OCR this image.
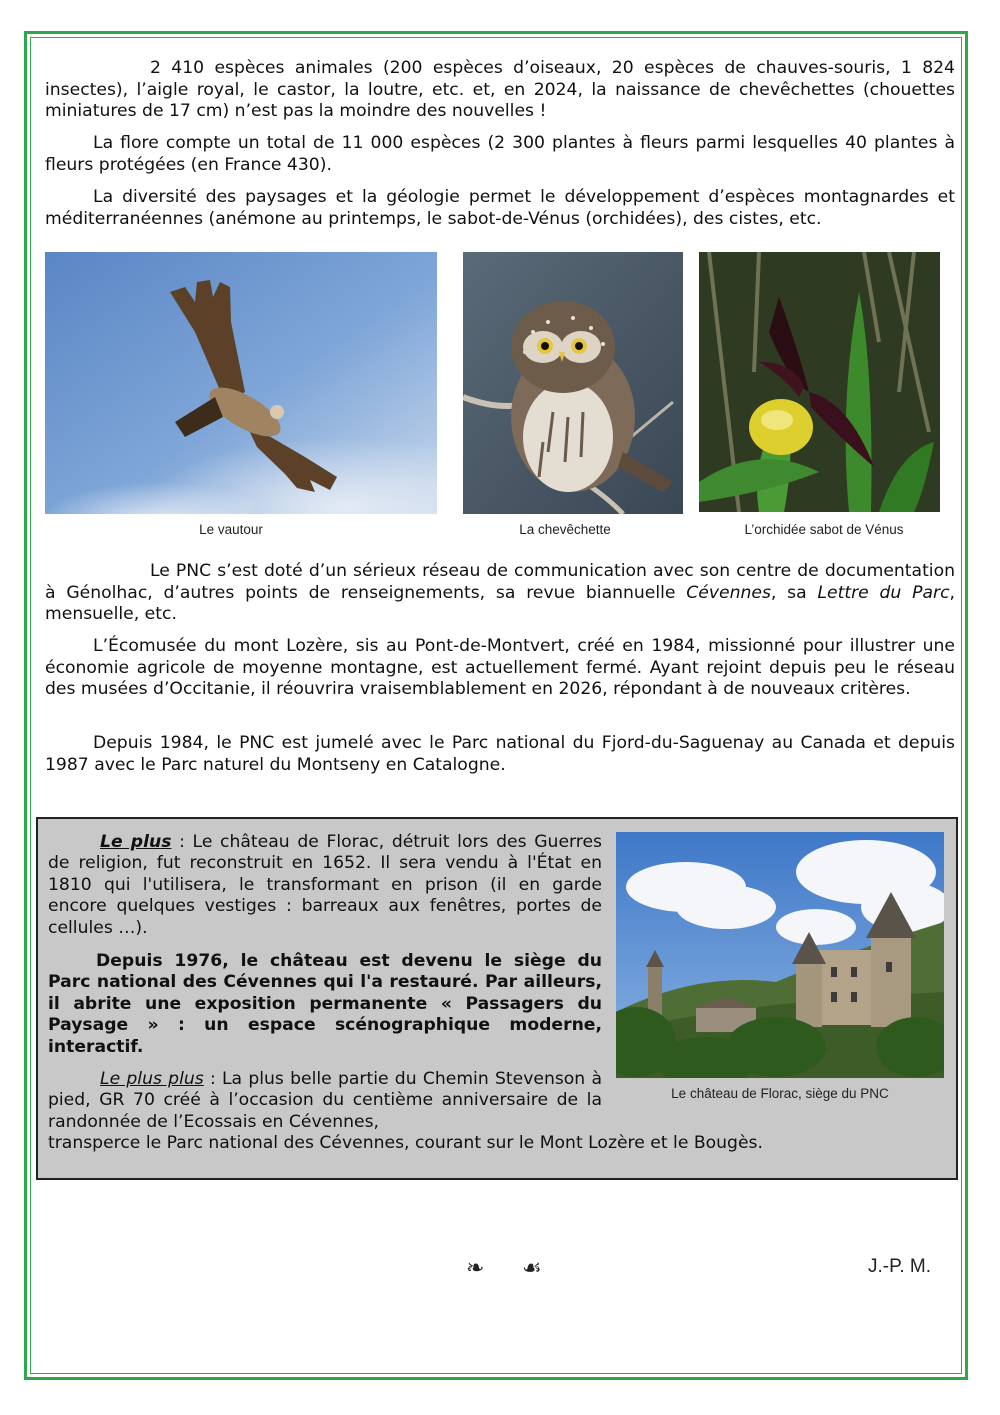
2 410 espèces animales (200 espèces d’oiseaux, 20 espèces de chauves-souris, 1 824 insectes), l’aigle royal, le castor, la loutre, etc. et, en 2024, la naissance de chevêchettes (chouettes miniatures de 17 cm) n’est pas la moindre des nouvelles !

La flore compte un total de 11 000 espèces (2 300 plantes à fleurs parmi lesquelles 40 plantes à fleurs protégées (en France 430).

La diversité des paysages et la géologie permet le développement d’espèces montagnardes et méditerranéennes (anémone au printemps, le sabot-de-Vénus (orchidées), des cistes, etc.

Le vautour	La chevêchette	L’orchidée sabot de Vénus

Le PNC s’est doté d’un sérieux réseau de communication avec son centre de documentation à Génolhac, d’autres points de renseignements, sa revue biannuelle Cévennes, sa Lettre du Parc, mensuelle, etc.

L’Écomusée du mont Lozère, sis au Pont-de-Montvert, créé en 1984, missionné pour illustrer une économie agricole de moyenne montagne, est actuellement fermé. Ayant rejoint depuis peu le réseau des musées d’Occitanie, il réouvrira vraisemblablement en 2026, répondant à de nouveaux critères.

Depuis 1984, le PNC est jumelé avec le Parc national du Fjord-du-Saguenay au Canada et depuis 1987 avec le Parc naturel du Montseny en Catalogne.

Le plus : Le château de Florac, détruit lors des Guerres de religion, fut reconstruit en 1652. Il sera vendu à l'État en 1810 qui l'utilisera, le transformant en prison (il en garde encore quelques vestiges : barreaux aux fenêtres, portes de cellules …).

Depuis 1976, le château est devenu le siège du Parc national des Cévennes qui l'a restauré. Par ailleurs, il abrite une exposition permanente « Passagers du Paysage » : un espace scénographique moderne, interactif.

Le plus plus : La plus belle partie du Chemin Stevenson à pied, GR 70 créé à l’occasion du centième anniversaire de la randonnée de l’Ecossais en Cévennes,

transperce le Parc national des Cévennes, courant sur le Mont Lozère et le Bougès.

Le château de Florac, siège du PNC
❧ ☙	J.-P. M.
